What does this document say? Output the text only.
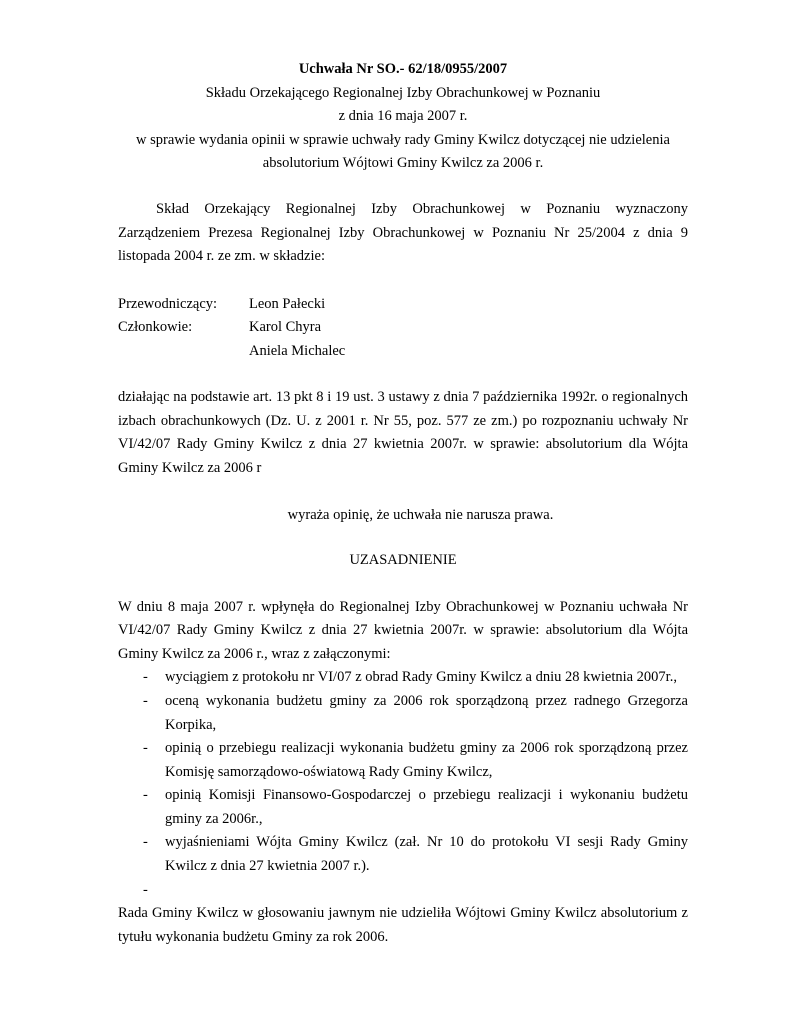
Uchwała Nr SO.- 62/18/0955/2007

Składu Orzekającego Regionalnej Izby Obrachunkowej w Poznaniu

z dnia 16 maja 2007 r.

w sprawie wydania opinii w sprawie uchwały rady Gminy Kwilcz dotyczącej nie udzielenia

absolutorium Wójtowi Gminy Kwilcz za 2006 r.

Skład Orzekający Regionalnej Izby Obrachunkowej w Poznaniu wyznaczony Zarządzeniem Prezesa Regionalnej Izby Obrachunkowej w Poznaniu Nr 25/2004 z dnia 9 listopada 2004 r. ze zm. w składzie:

Przewodniczący:	Leon Pałecki
Członkowie:	Karol Chyra
Aniela Michalec

działając na podstawie art. 13 pkt 8 i 19 ust. 3 ustawy z dnia 7 października 1992r. o regionalnych izbach obrachunkowych (Dz. U. z 2001 r. Nr 55, poz. 577 ze zm.) po rozpoznaniu uchwały Nr VI/42/07 Rady Gminy Kwilcz z dnia 27 kwietnia 2007r. w sprawie: absolutorium dla Wójta Gminy Kwilcz za 2006 r

wyraża opinię, że uchwała nie narusza prawa.

UZASADNIENIE

W dniu 8 maja 2007 r. wpłynęła do Regionalnej Izby Obrachunkowej w Poznaniu uchwała Nr VI/42/07 Rady Gminy Kwilcz z dnia 27 kwietnia 2007r. w sprawie: absolutorium dla Wójta Gminy Kwilcz za 2006 r., wraz z załączonymi:

- wyciągiem z protokołu nr VI/07 z obrad Rady Gminy Kwilcz a dniu 28 kwietnia 2007r.,
- oceną wykonania budżetu gminy za 2006 rok sporządzoną przez radnego Grzegorza Korpika,
- opinią o przebiegu realizacji wykonania budżetu gminy za 2006 rok sporządzoną przez Komisję samorządowo-oświatową Rady Gminy Kwilcz,
- opinią Komisji Finansowo-Gospodarczej o przebiegu realizacji i wykonaniu budżetu gminy za 2006r.,
- wyjaśnieniami Wójta Gminy Kwilcz (zał. Nr 10 do protokołu VI sesji Rady Gminy Kwilcz z dnia 27 kwietnia 2007 r.).
-

Rada Gminy Kwilcz w głosowaniu jawnym nie udzieliła Wójtowi Gminy Kwilcz absolutorium z tytułu wykonania budżetu Gminy za rok 2006.
